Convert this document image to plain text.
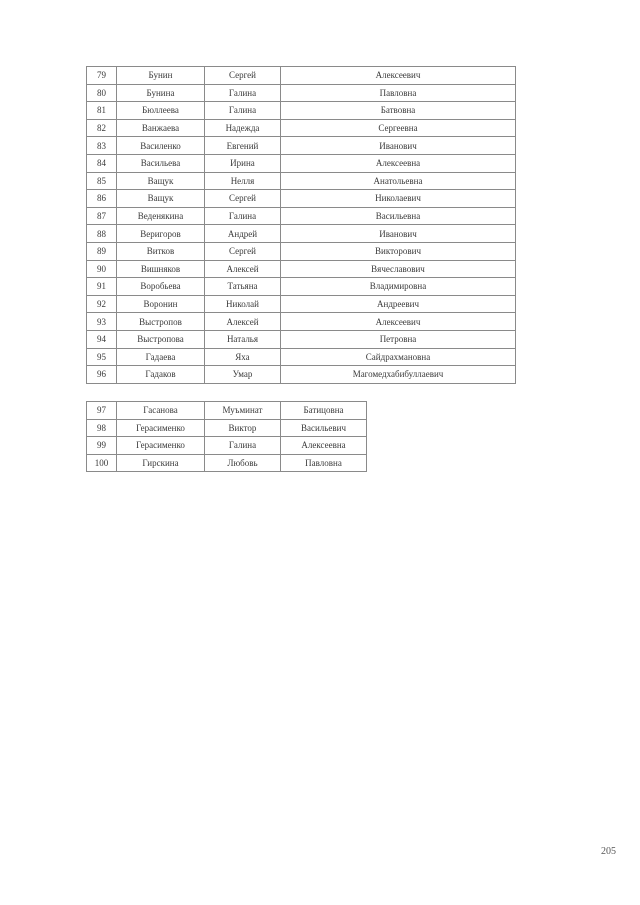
79	Бунин	Сергей	Алексеевич
80	Бунина	Галина	Павловна
81	Бюллеева	Галина	Батвовна
82	Ванжаева	Надежда	Сергеевна
83	Василенко	Евгений	Иванович
84	Васильева	Ирина	Алексеевна
85	Ващук	Нелля	Анатольевна
86	Ващук	Сергей	Николаевич
87	Веденякина	Галина	Васильевна
88	Веригоров	Андрей	Иванович
89	Витков	Сергей	Викторович
90	Вишняков	Алексей	Вячеславович
91	Воробьева	Татьяна	Владимировна
92	Воронин	Николай	Андреевич
93	Выстропов	Алексей	Алексеевич
94	Выстропова	Наталья	Петровна
95	Гадаева	Яха	Сайдрахмановна
96	Гадаков	Умар	Магомедхабибуллаевич
97	Гасанова	Муъминат	Батицовна
98	Герасименко	Виктор	Васильевич
99	Герасименко	Галина	Алексеевна
100	Гирскина	Любовь	Павловна
205
